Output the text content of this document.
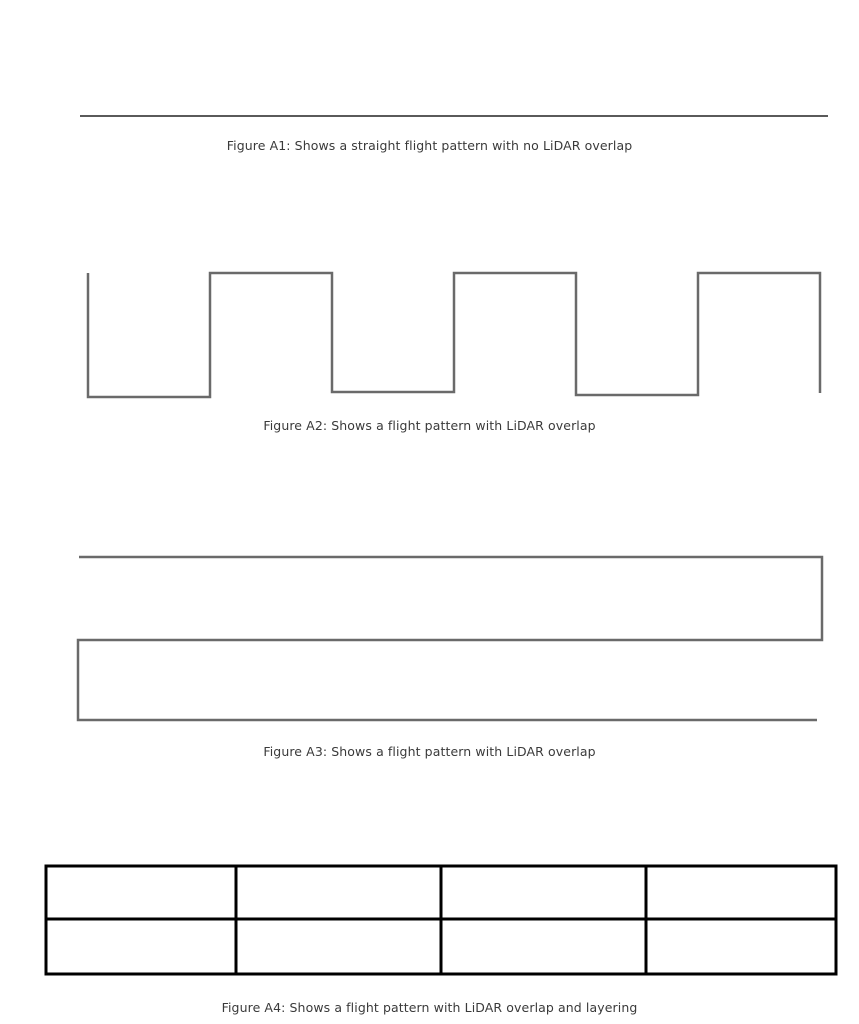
Figure A1: Shows a straight flight pattern with no LiDAR overlap
Figure A2: Shows a flight pattern with LiDAR overlap
Figure A3: Shows a flight pattern with LiDAR overlap
Figure A4: Shows a flight pattern with LiDAR overlap and layering
